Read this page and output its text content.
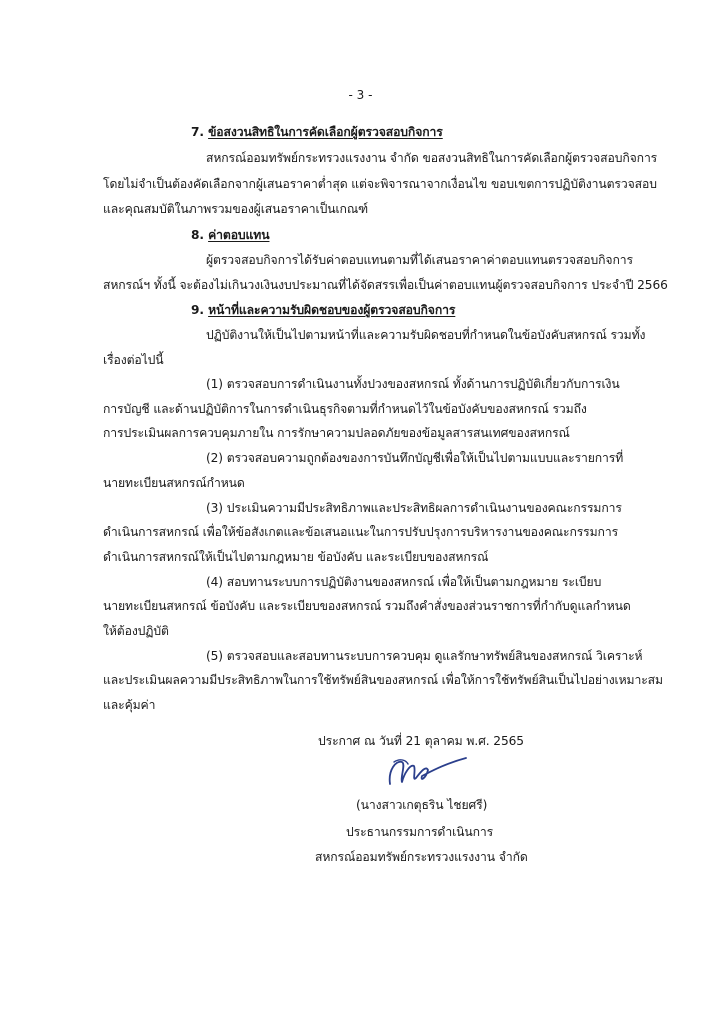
- 3 -
7. ข้อสงวนสิทธิในการคัดเลือกผู้ตรวจสอบกิจการ
สหกรณ์ออมทรัพย์กระทรวงแรงงาน จำกัด ขอสงวนสิทธิในการคัดเลือกผู้ตรวจสอบกิจการ
โดยไม่จำเป็นต้องคัดเลือกจากผู้เสนอราคาต่ำสุด แต่จะพิจารณาจากเงื่อนไข ขอบเขตการปฏิบัติงานตรวจสอบ
และคุณสมบัติในภาพรวมของผู้เสนอราคาเป็นเกณฑ์
8. ค่าตอบแทน
ผู้ตรวจสอบกิจการได้รับค่าตอบแทนตามที่ได้เสนอราคาค่าตอบแทนตรวจสอบกิจการ
สหกรณ์ฯ ทั้งนี้ จะต้องไม่เกินวงเงินงบประมาณที่ได้จัดสรรเพื่อเป็นค่าตอบแทนผู้ตรวจสอบกิจการ ประจำปี 2566
9. หน้าที่และความรับผิดชอบของผู้ตรวจสอบกิจการ
ปฏิบัติงานให้เป็นไปตามหน้าที่และความรับผิดชอบที่กำหนดในข้อบังคับสหกรณ์ รวมทั้ง
เรื่องต่อไปนี้
(1) ตรวจสอบการดำเนินงานทั้งปวงของสหกรณ์ ทั้งด้านการปฏิบัติเกี่ยวกับการเงิน
การบัญชี และด้านปฏิบัติการในการดำเนินธุรกิจตามที่กำหนดไว้ในข้อบังคับของสหกรณ์ รวมถึง
การประเมินผลการควบคุมภายใน การรักษาความปลอดภัยของข้อมูลสารสนเทศของสหกรณ์
(2) ตรวจสอบความถูกต้องของการบันทึกบัญชีเพื่อให้เป็นไปตามแบบและรายการที่
นายทะเบียนสหกรณ์กำหนด
(3) ประเมินความมีประสิทธิภาพและประสิทธิผลการดำเนินงานของคณะกรรมการ
ดำเนินการสหกรณ์ เพื่อให้ข้อสังเกตและข้อเสนอแนะในการปรับปรุงการบริหารงานของคณะกรรมการ
ดำเนินการสหกรณ์ให้เป็นไปตามกฎหมาย ข้อบังคับ และระเบียบของสหกรณ์
(4) สอบทานระบบการปฏิบัติงานของสหกรณ์ เพื่อให้เป็นตามกฎหมาย ระเบียบ
นายทะเบียนสหกรณ์ ข้อบังคับ และระเบียบของสหกรณ์ รวมถึงคำสั่งของส่วนราชการที่กำกับดูแลกำหนด
ให้ต้องปฏิบัติ
(5) ตรวจสอบและสอบทานระบบการควบคุม ดูแลรักษาทรัพย์สินของสหกรณ์ วิเคราะห์
และประเมินผลความมีประสิทธิภาพในการใช้ทรัพย์สินของสหกรณ์ เพื่อให้การใช้ทรัพย์สินเป็นไปอย่างเหมาะสม
และคุ้มค่า
ประกาศ ณ วันที่ 21 ตุลาคม พ.ศ. 2565
(นางสาวเกตุธริน ไชยศรี)
ประธานกรรมการดำเนินการ
สหกรณ์ออมทรัพย์กระทรวงแรงงาน จำกัด
